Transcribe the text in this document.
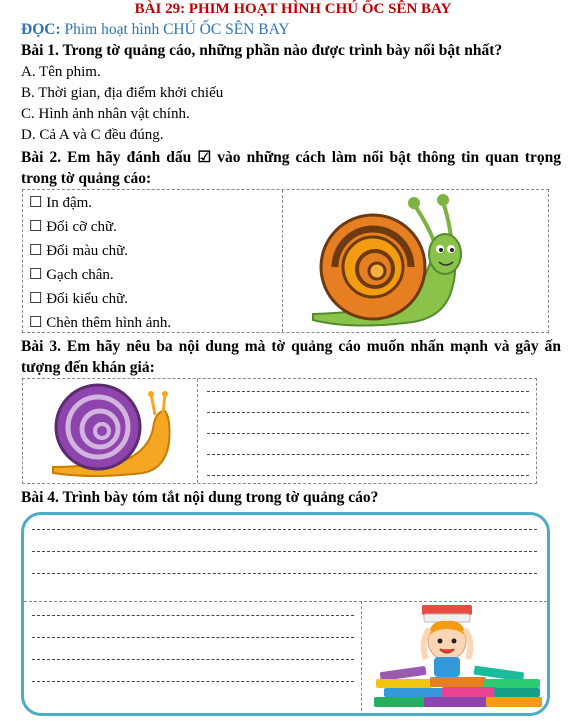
BÀI 29: PHIM HOẠT HÌNH CHÚ ỐC SÊN BAY
ĐỌC: Phim hoạt hình CHÚ ỐC SÊN BAY
Bài 1. Trong tờ quảng cáo, những phần nào được trình bày nổi bật nhất?
A. Tên phim.
B. Thời gian, địa điểm khởi chiếu
C. Hình ảnh nhân vật chính.
D. Cả A và C đều đúng.
Bài 2. Em hãy đánh dấu ☑ vào những cách làm nổi bật thông tin quan trọng trong tờ quảng cáo:
☐ In đậm.
☐ Đổi cỡ chữ.
☐ Đổi màu chữ.
☐ Gạch chân.
☐ Đổi kiểu chữ.
☐ Chèn thêm hình ảnh.
Bài 3. Em hãy nêu ba nội dung mà tờ quảng cáo muốn nhấn mạnh và gây ấn tượng đến khán giả:
Bài 4. Trình bày tóm tắt nội dung trong tờ quảng cáo?
